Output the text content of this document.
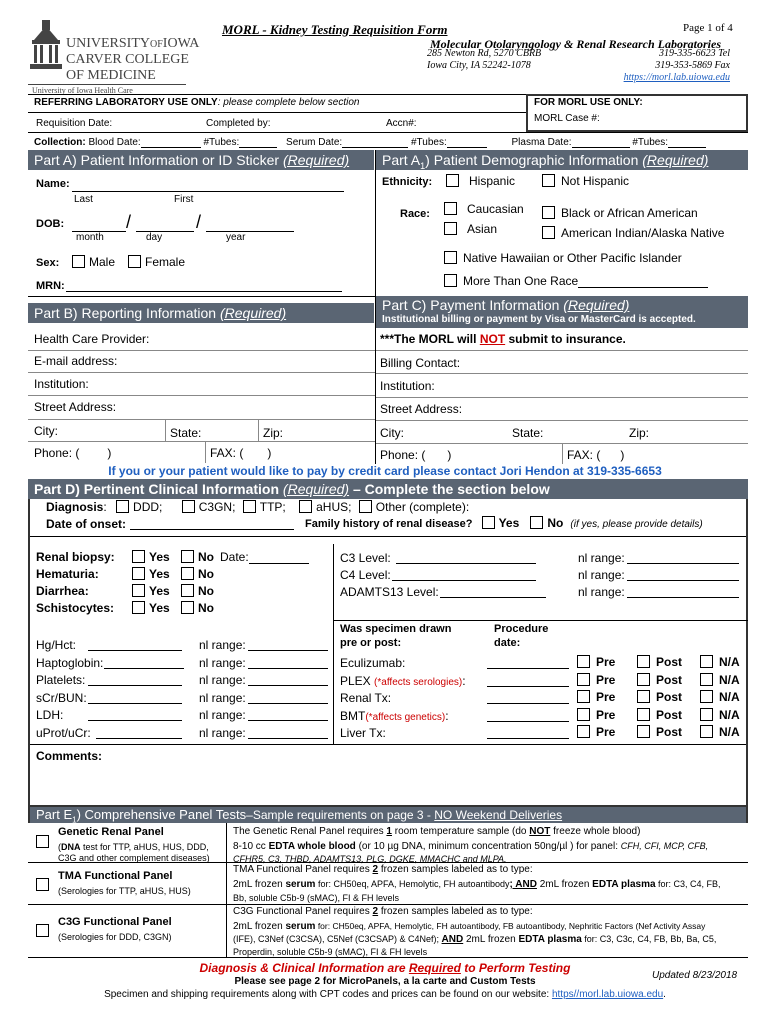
UNIVERSITYOFIOWA
CARVER COLLEGE
OF MEDICINE
University of Iowa Health Care
MORL - Kidney Testing Requisition Form	Page 1 of 4
Molecular Otolaryngology & Renal Research Laboratories
285 Newton Rd, 5270 CBRB
Iowa City, IA 52242-1078
319-335-6623 Tel
319-353-5869 Fax
https://morl.lab.uiowa.edu
REFERRING LABORATORY USE ONLY: please complete below section
Requisition Date:	Completed by:	Accn#:
FOR MORL USE ONLY:
MORL Case #:
Collection: Blood Date:	#Tubes:	Serum Date:	#Tubes:	Plasma Date:	#Tubes:
Part A) Patient Information or ID Sticker (Required)	Part $A_1$) Patient Demographic Information (Required)
Name:
Last	First
DOB:	/	/
month	day	year
Sex:	Male	Female
MRN:
Ethnicity:	Hispanic	Not Hispanic
Race:	Caucasian
Asian
Black or African American
American Indian/Alaska Native
Native Hawaiian or Other Pacific Islander
More Than One Race
Part B) Reporting Information (Required)	Part C) Payment Information (Required)
Institutional billing or payment by Visa or MasterCard is accepted.
Health Care Provider:
E-mail address:
Institution:
Street Address:
City:	State:	Zip:
Phone: ( )	FAX: ( )
***The MORL will NOT submit to insurance.
Billing Contact:
Institution:
Street Address:
City:	State:	Zip:
Phone: ( )	FAX: ( )
If you or your patient would like to pay by credit card please contact Jori Hendon at 319-335-6653
Part D) Pertinent Clinical Information (Required) – Complete the section below
Diagnosis: DDD;	C3GN; TTP;	aHUS; Other (complete):
Date of onset:	Family history of renal disease? Yes No (if yes, please provide details)
Renal biopsy:	Yes No Date:
Hematuria:	Yes No
Diarrhea:	Yes No
Schistocytes:	Yes No
C3 Level:	nl range:
C4 Level:	nl range:
ADAMTS13 Level:	nl range:
Was specimen drawn pre or post:
Procedure date:
Hg/Hct:	nl range:
Haptoglobin:	nl range:
Platelets:	nl range:
sCr/BUN:	nl range:
LDH:	nl range:
uProt/uCr:	nl range:
Eculizumab:	Pre	Post	N/A
PLEX (*affects serologies):	Pre	Post	N/A
Renal Tx:	Pre	Post	N/A
BMT(*affects genetics):	Pre	Post	N/A
Liver Tx:	Pre	Post	N/A
Comments:
Part $E_1$) Comprehensive Panel Tests–Sample requirements on page 3 - NO Weekend Deliveries
Genetic Renal Panel
(DNA test for TTP, aHUS, HUS, DDD,
C3G and other complement diseases)
The Genetic Renal Panel requires 1 room temperature sample (do NOT freeze whole blood)
8-10 cc EDTA whole blood (or 10 µg DNA, minimum concentration 50ng/µl ) for panel: CFH, CFI, MCP, CFB,
CFHR5, C3, THBD, ADAMTS13, PLG, DGKE, MMACHC and MLPA.
TMA Functional Panel
(Serologies for TTP, aHUS, HUS)
TMA Functional Panel requires 2 frozen samples labeled as to type:
2mL frozen serum for: CH50eq, APFA, Hemolytic, FH autoantibody; AND 2mL frozen EDTA plasma for: C3, C4, FB,
Bb, soluble C5b-9 (sMAC), FI & FH levels
C3G Functional Panel
(Serologies for DDD, C3GN)
C3G Functional Panel requires 2 frozen samples labeled as to type:
2mL frozen serum for: CH50eq, APFA, Hemolytic, FH autoantibody, FB autoantibody, Nephritic Factors (Nef Activity Assay
(IFE), C3Nef (C3CSA), C5Nef (C3CSAP) & C4Nef); AND 2mL frozen EDTA plasma for: C3, C3c, C4, FB, Bb, Ba, C5,
Properdin, soluble C5b-9 (sMAC), FI & FH levels
Diagnosis & Clinical Information are Required to Perform Testing
Updated 8/23/2018
Please see page 2 for MicroPanels, a la carte and Custom Tests
Specimen and shipping requirements along with CPT codes and prices can be found on our website: https//morl.lab.uiowa.edu.
